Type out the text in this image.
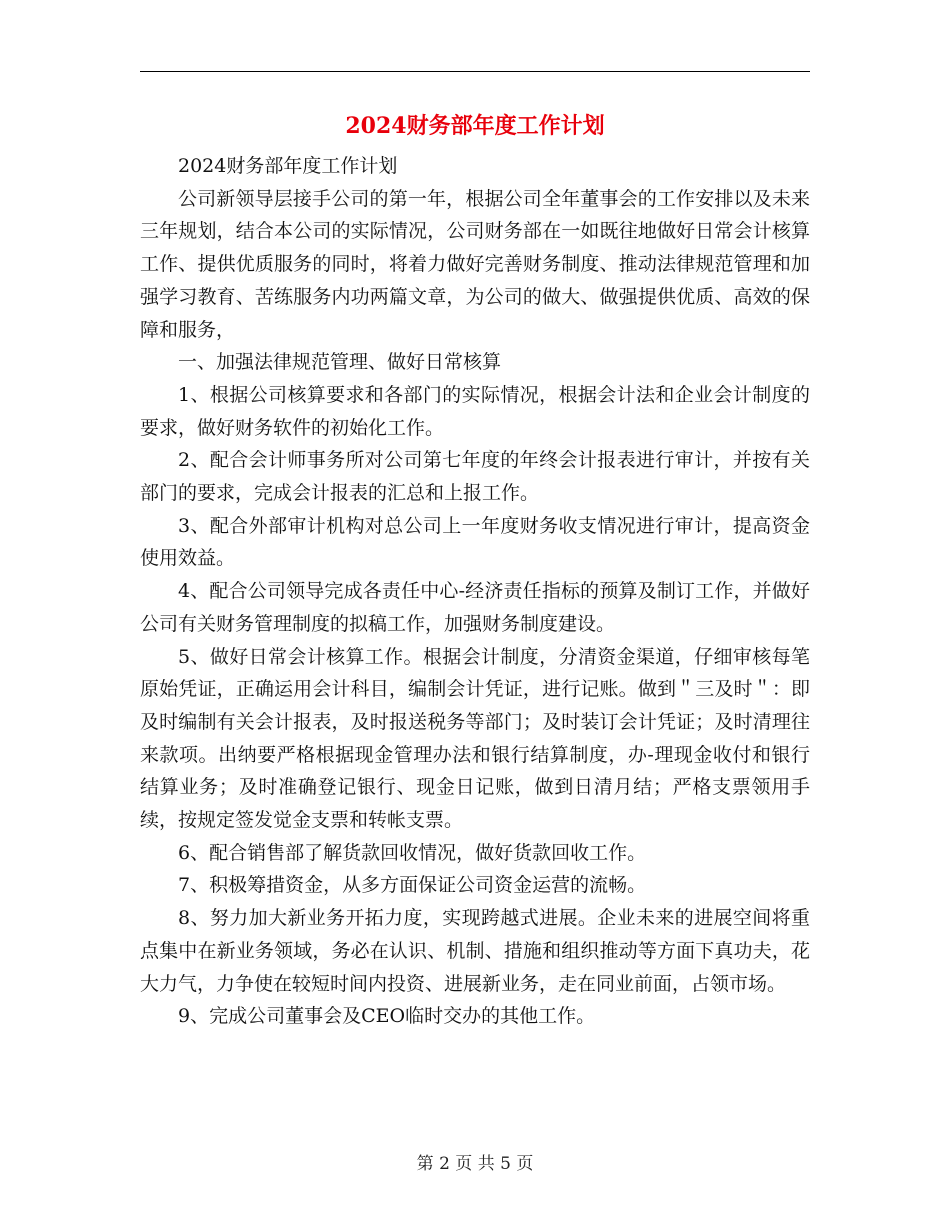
2024财务部年度工作计划

2024财务部年度工作计划

公司新领导层接手公司的第一年，根据公司全年董事会的工作安排以及未来三年规划，结合本公司的实际情况，公司财务部在一如既往地做好日常会计核算工作、提供优质服务的同时，将着力做好完善财务制度、推动法律规范管理和加强学习教育、苦练服务内功两篇文章，为公司的做大、做强提供优质、高效的保障和服务，

一、加强法律规范管理、做好日常核算

1、根据公司核算要求和各部门的实际情况，根据会计法和企业会计制度的要求，做好财务软件的初始化工作。

2、配合会计师事务所对公司第七年度的年终会计报表进行审计，并按有关部门的要求，完成会计报表的汇总和上报工作。

3、配合外部审计机构对总公司上一年度财务收支情况进行审计，提高资金使用效益。

4、配合公司领导完成各责任中心-经济责任指标的预算及制订工作，并做好公司有关财务管理制度的拟稿工作，加强财务制度建设。

5、做好日常会计核算工作。根据会计制度，分清资金渠道，仔细审核每笔原始凭证，正确运用会计科目，编制会计凭证，进行记账。做到＂三及时＂：即及时编制有关会计报表，及时报送税务等部门；及时装订会计凭证；及时清理往来款项。出纳要严格根据现金管理办法和银行结算制度，办-理现金收付和银行结算业务；及时准确登记银行、现金日记账，做到日清月结；严格支票领用手续，按规定签发觉金支票和转帐支票。

6、配合销售部了解货款回收情况，做好货款回收工作。

7、积极筹措资金，从多方面保证公司资金运营的流畅。

8、努力加大新业务开拓力度，实现跨越式进展。企业未来的进展空间将重点集中在新业务领域，务必在认识、机制、措施和组织推动等方面下真功夫，花大力气，力争使在较短时间内投资、进展新业务，走在同业前面，占领市场。

9、完成公司董事会及CEO临时交办的其他工作。

第 2 页 共 5 页
